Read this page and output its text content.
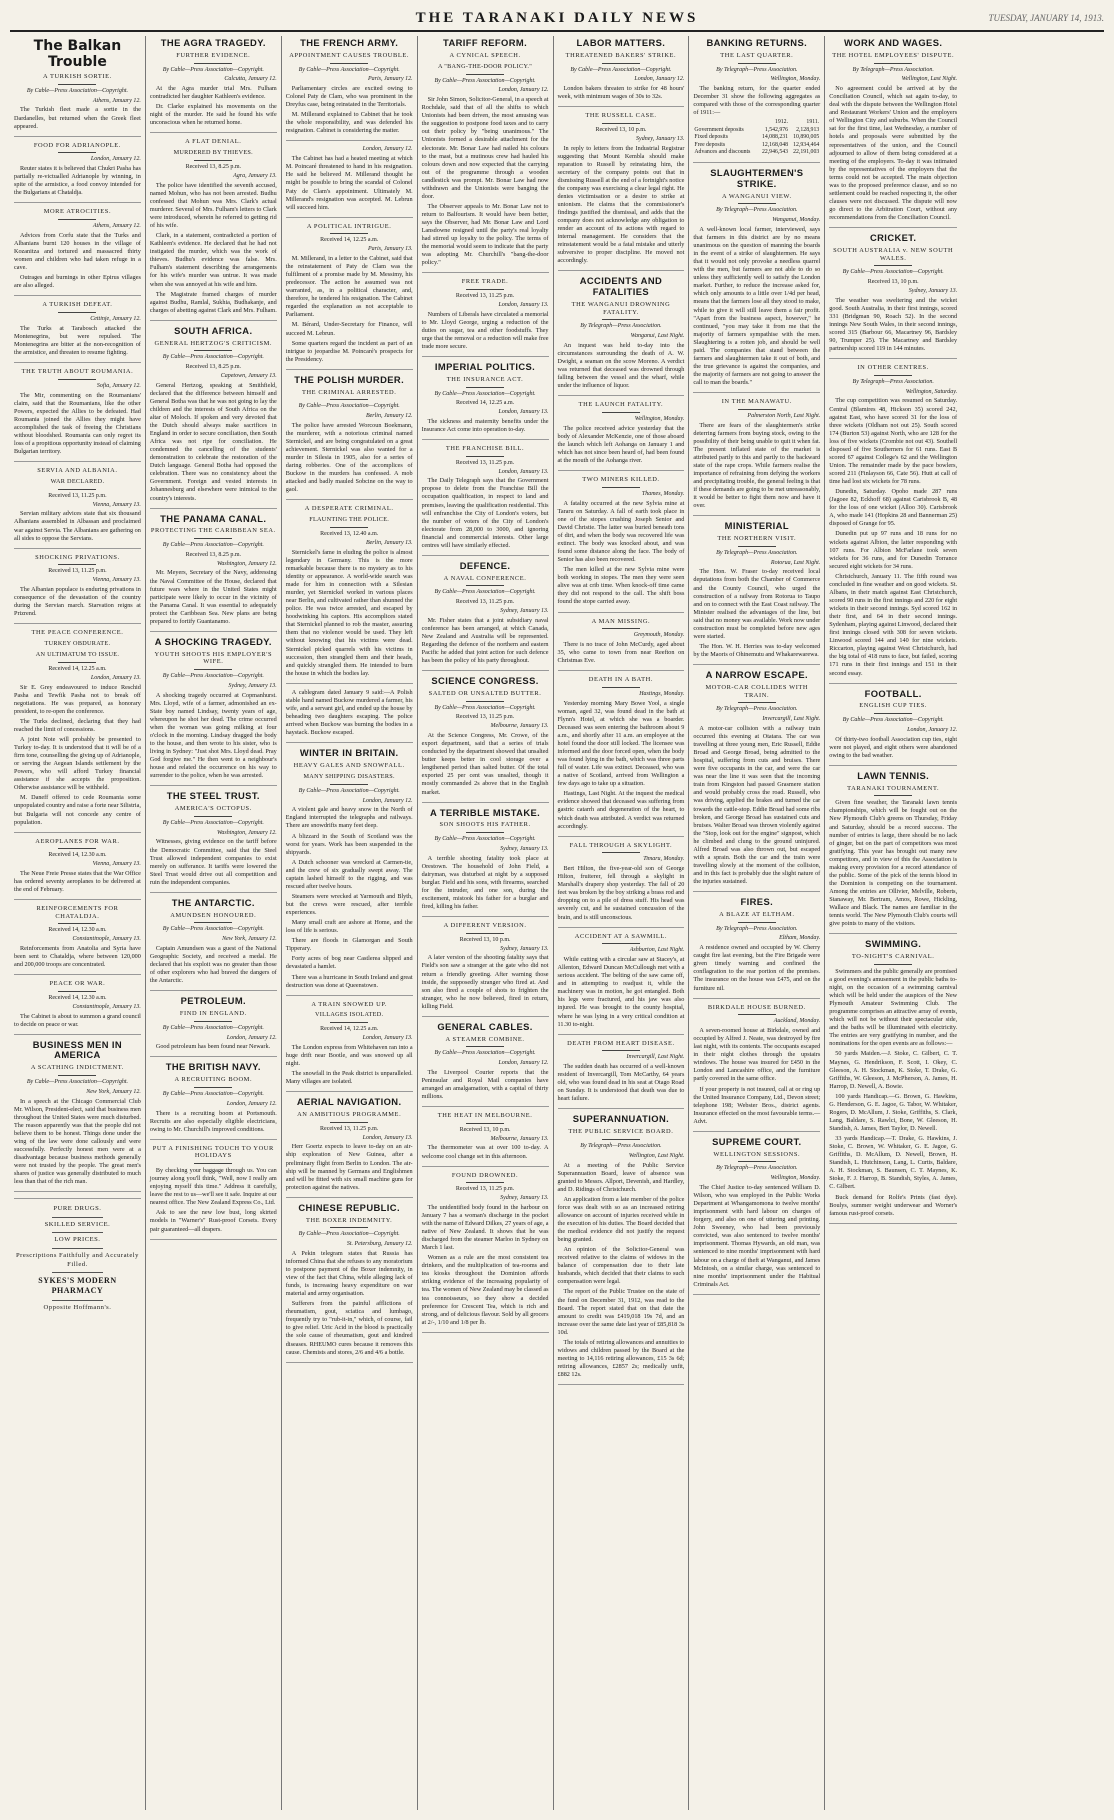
THE TARANAKI DAILY NEWS	TUESDAY, JANUARY 14, 1913.
The Balkan Trouble
A TURKISH SORTIE.
By Cable—Press Association—Copyright.
Athens, January 12.

The Turkish fleet made a sortie in the Dardanelles, but returned when the Greek fleet appeared.

FOOD FOR ADRIANOPLE.
London, January 12.

Reuter states it is believed that Chukri Pasha has partially re-victualled Adrianople by winning, in spite of the armistice, a food convoy intended for the Bulgarians at Chataldja.

MORE ATROCITIES.
Athens, January 12.

Advices from Corfu state that the Turks and Albanians burnt 120 houses in the village of Kozanitza and tortured and massacred thirty women and children who had taken refuge in a cave.

Outrages and burnings in other Epirus villages are also alleged.

A TURKISH DEFEAT.
Cettinje, January 12.

The Turks at Tarabosch attacked the Montenegrins, but were repulsed. The Montenegrins are bitter at the non-recognition of the armistice, and threaten to resume fighting.

THE TRUTH ABOUT ROUMANIA.
Sofia, January 12.

The Mir, commenting on the Roumanians' claim, said that the Roumanians, like the other Powers, expected the Allies to be defeated. Had Roumania joined the Allies they might have accomplished the task of freeing the Christians without bloodshed. Roumania can only regret its loss of a propitious opportunity instead of claiming Bulgarian territory.

SERVIA AND ALBANIA.
WAR DECLARED.
Received 13, 11.25 p.m.
Vienna, January 13.

Servian military advices state that six thousand Albanians assembled in Albassan and proclaimed war against Servia. The Albanians are gathering on all sides to oppose the Servians.

SHOCKING PRIVATIONS.
Received 13, 11.25 p.m.
Vienna, January 13.

The Albanian populace is enduring privations in consequence of the devastation of the country during the Servian march. Starvation reigns at Prizrend.

THE PEACE CONFERENCE.
TURKEY OBDURATE.
AN ULTIMATUM TO ISSUE.
Received 14, 12.25 a.m.
London, January 13.

Sir E. Grey endeavoured to induce Reschid Pasha and Tewfik Pasha not to break off negotiations. He was prepared, as honorary president, to re-open the conference.

The Turks declined, declaring that they had reached the limit of concessions.

A joint Note will probably be presented to Turkey to-day. It is understood that it will be of a firm tone, counselling the giving up of Adrianople, or serving the Aegean Islands settlement by the Powers, who will afford Turkey financial assistance if she accepts the proposition. Otherwise assistance will be withheld.

M. Daneff offered to cede Roumania some unpopulated country and raise a forte near Silistria, but Bulgaria will not concede any centre of population.

AEROPLANES FOR WAR.
Received 14, 12.30 a.m.
Vienna, January 13.

The Neue Freie Presse states that the War Office has ordered seventy aeroplanes to be delivered at the end of February.

REINFORCEMENTS FOR CHATALDJA.
Received 14, 12.30 a.m.
Constantinople, January 13.

Reinforcements from Anatolia and Syria have been sent to Chataldja, where between 120,000 and 200,000 troops are concentrated.

PEACE OR WAR.
Received 14, 12.30 a.m.
Constantinople, January 13.

The Cabinet is about to summon a grand council to decide on peace or war.

BUSINESS MEN IN AMERICA
A SCATHING INDICTMENT.
By Cable—Press Association—Copyright.
New York, January 12.

In a speech at the Chicago Commercial Club Mr. Wilson, President-elect, said that business men throughout the United States were much disturbed. The reason apparently was that the people did not believe them to be honest. Things done under the wing of the law were done callously and were successfully. Perfectly honest men were at a disadvantage because business methods generally were not trusted by the people. The great men's shares of justice was generally distributed to much less than that of the rich man.

PURE DRUGS.
SKILLED SERVICE.
LOW PRICES.
Prescriptions Faithfully and Accurately Filled.
SYKES'S MODERN PHARMACY
Opposite Hoffmann's.
THE AGRA TRAGEDY.
FURTHER EVIDENCE.
By Cable—Press Association—Copyright.
Calcutta, January 12.

At the Agra murder trial Mrs. Fulham contradicted her daughter Kathleen's evidence.

Dr. Clarke explained his movements on the night of the murder. He said he found his wife unconscious when he returned home.

A FLAT DENIAL.
MURDERED BY THIEVES.
Received 13, 8.25 p.m.
Agra, January 13.

The police have identified the seventh accused, named Mohun, who has not been arrested. Budhu confessed that Mohun was Mrs. Clark's actual murderer. Several of Mrs. Fulham's letters to Clark were introduced, wherein he referred to getting rid of his wife.

Clark, in a statement, contradicted a portion of Kathleen's evidence. He declared that he had not instigated the murder, which was the work of thieves. Budhu's evidence was false. Mrs. Fulham's statement describing the arrangements for his wife's murder was untrue. It was made when she was annoyed at his wife and him.

The Magistrate framed charges of murder against Budhu, Ramlal, Sukhia, Budhakanje, and charges of abetting against Clark and Mrs. Fulham.

SOUTH AFRICA.
GENERAL HERTZOG'S CRITICISM.
By Cable—Press Association—Copyright.
Received 13, 8.25 p.m.
Capetown, January 13.

General Hertzog, speaking at Smithfield, declared that the difference between himself and General Botha was that he was not going to lay the children and the interests of South Africa on the altar of Moloch. If spoken and very devoted that the Dutch should always make sacrifices in England in order to secure conciliation, then South Africa was not ripe for conciliation. He condemned the cancelling of the students' demonstration to celebrate the restoration of the Dutch language. General Botha had opposed the celebration. There was no consistency about the Government. Foreign and vested interests in Johannesburg and elsewhere were inimical to the country's interests.

THE PANAMA CANAL.
PROTECTING THE CARIBBEAN SEA.
By Cable—Press Association—Copyright.
Received 13, 8.25 p.m.
Washington, January 12.

Mr. Meyers, Secretary of the Navy, addressing the Naval Committee of the House, declared that future wars where in the United States might participate were likely to occur in the vicinity of the Panama Canal. It was essential to adequately protect the Caribbean Sea. New plans are being prepared to fortify Guantanamo.

A SHOCKING TRAGEDY.
YOUTH SHOOTS HIS EMPLOYER'S WIFE.
By Cable—Press Association—Copyright.
Sydney, January 13.

A shocking tragedy occurred at Copmanhurst. Mrs. Lloyd, wife of a farmer, admonished an ex-State boy named Lindsay, twenty years of age, whereupon he shot her dead. The crime occurred when the woman was going milking at four o'clock in the morning. Lindsay dragged the body to the house, and then wrote to his sister, who is living in Sydney: "Just shot Mrs. Lloyd dead. Pray God forgive me." He then went to a neighbour's house and related the occurrence on his way to surrender to the police, when he was arrested.

THE STEEL TRUST.
AMERICA'S OCTOPUS.
By Cable—Press Association—Copyright.
Washington, January 12.

Witnesses, giving evidence on the tariff before the Democratic Committee, said that the Steel Trust allowed independent companies to exist merely on sufferance. It tariffs were lowered the Steel Trust would drive out all competition and ruin the independent companies.

THE ANTARCTIC.
AMUNDSEN HONOURED.
By Cable—Press Association—Copyright.
New York, January 12.

Captain Amundsen was a guest of the National Geographic Society, and received a medal. He declared that his exploit was no greater than those of other explorers who had braved the dangers of the Antarctic.

PETROLEUM.
FIND IN ENGLAND.
By Cable—Press Association—Copyright.
London, January 12.

Good petroleum has been found near Newark.

THE BRITISH NAVY.
A RECRUITING BOOM.
By Cable—Press Association—Copyright.
London, January 12.

There is a recruiting boom at Portsmouth. Recruits are also especially eligible electricians, owing to Mr. Churchill's improved conditions.

PUT A FINISHING TOUCH TO YOUR HOLIDAYS

By checking your baggage through us. You can journey along you'll think, "Well, now I really am enjoying myself this time." Address it carefully, leave the rest to us—we'll see it safe. Inquire at our nearest office. The New Zealand Express Co., Ltd.

Ask to see the new low bust, long skirted models in "Warner's" Rust-proof Corsets. Every pair guaranteed—all drapers.

THE FRENCH ARMY.
APPOINTMENT CAUSES TROUBLE.
By Cable—Press Association—Copyright.
Paris, January 12.

Parliamentary circles are excited owing to Colonel Paty de Clam, who was prominent in the Dreyfus case, being reinstated in the Territorials.

M. Millerand explained to Cabinet that he took the whole responsibility, and was defended his resignation. Cabinet is considering the matter.

London, January 12.

The Cabinet has had a heated meeting at which M. Poincaré threatened to hand in his resignation. He said he believed M. Millerand thought he might be possible to bring the scandal of Colonel Paty de Clam's appointment. Ultimately M. Millerand's resignation was accepted. M. Lebrun will succeed him.

A POLITICAL INTRIGUE.
Received 14, 12.25 a.m.
Paris, January 13.

M. Millerand, in a letter to the Cabinet, said that the reinstatement of Paty de Clam was the fulfilment of a promise made by M. Messimy, his predecessor. The action he assumed was not warranted, as, in a political character, and, therefore, he tendered his resignation. The Cabinet regarded the explanation as not acceptable to Parliament.

M. Bérard, Under-Secretary for Finance, will succeed M. Lebrun.

Some quarters regard the incident as part of an intrigue to jeopardise M. Poincaré's prospects for the Presidency.

THE POLISH MURDER.
THE CRIMINAL ARRESTED.
By Cable—Press Association—Copyright.
Berlin, January 12.

The police have arrested Worcoun Boekmann, the murderer, with a notorious criminal named Sternickel, and are being congratulated on a great achievement. Sternickel was also wanted for a murder in Silesia in 1905, also for a series of daring robberies. One of the accomplices of Buckow in the murders has confessed. A mob attacked and badly mauled Sobcine on the way to gaol.

A DESPERATE CRIMINAL.
FLAUNTING THE POLICE.
Received 13, 12.40 a.m.
Berlin, January 13.

Sternickel's fame in eluding the police is almost legendary in Germany. This is the more remarkable because there is no mystery as to his identity or appearance. A world-wide search was made for him in connection with a Silesian murder, yet Sternickel worked in various places near Berlin, and cultivated rather than shunned the police. He was twice arrested, and escaped by hoodwinking his captors. His accomplices stated that Sternickel planned to rob the master, assuring them that no violence would be used. They left without knowing that his victims were dead. Sternickel picked quarrels with his victims in succession, then strangled them and their heads, and quickly strangled them. He intended to burn the house in which the bodies lay.

A cablegram dated January 9 said:—A Polish stable hand named Buckow murdered a farmer, his wife, and a servant girl, and ended up the house by beheading two daughters escaping. The police arrived when Buckow was burning the bodies in a haystack. Buckow escaped.

WINTER IN BRITAIN.
HEAVY GALES AND SNOWFALL.
MANY SHIPPING DISASTERS.
By Cable—Press Association—Copyright.
London, January 12.

A violent gale and heavy snow in the North of England interrupted the telegraphs and railways. There are snowdrifts many feet deep.

A blizzard in the South of Scotland was the worst for years. Work has been suspended in the shipyards.

A Dutch schooner was wrecked at Carmen-tie, and the crew of six gradually swept away. The captain lashed himself to the rigging, and was rescued after twelve hours.

Steamers were wrecked at Yarmouth and Blyth, but the crews were rescued, after terrible experiences.

Many small craft are ashore at Home, and the loss of life is serious.

There are floods in Glamorgan and South Tipperary.

Forty acres of bog near Castlerea slipped and devastated a hamlet.

There was a hurricane in South Ireland and great destruction was done at Queenstown.

A TRAIN SNOWED UP.
VILLAGES ISOLATED.
Received 14, 12.25 a.m.
London, January 13.

The London express from Whitehaven ran into a huge drift near Bootle, and was snowed up all night.

The snowfall in the Peak district is unparalleled. Many villages are isolated.

AERIAL NAVIGATION.
AN AMBITIOUS PROGRAMME.
Received 13, 11.25 p.m.
London, January 13.

Herr Goertz expects to leave to-day on an air-ship exploration of New Guinea, after a preliminary flight from Berlin to London. The air-ship will be manned by Germans and Englishmen and will be fitted with six small machine guns for protection against the natives.

CHINESE REPUBLIC.
THE BOXER INDEMNITY.
By Cable—Press Association—Copyright.
St. Petersburg, January 12.

A Pekin telegram states that Russia has informed China that she refuses to any moratorium to postpone payment of the Boxer indemnity, in view of the fact that China, while alleging lack of funds, is increasing heavy expenditure on war material and army organisation.

Sufferers from the painful afflictions of rheumatism, gout, sciatica and lumbago, frequently try to "rub-it-in," which, of course, fail to give relief. Uric Acid in the blood is practically the sole cause of rheumatism, gout and kindred diseases. RHEUMO cures because it removes this cause. Chemists and stores, 2/6 and 4/6 a bottle.

TARIFF REFORM.
A CYNICAL SPEECH.
A "BANG-THE-DOOR POLICY."
By Cable—Press Association—Copyright.
London, January 12.

Sir John Simon, Solicitor-General, in a speech at Rochdale, said that of all the shifts to which Unionists had been driven, the most amusing was the suggestion to postpone food taxes and to carry out their policy by "being unanimous." The Unionists formed a desirable attachment for the electorate. Mr. Bonar Law had nailed his colours to the mast, but a mutinous crew had hauled his colours down and now expected that the carrying out of the programme through a wooden candlestick was prompt. Mr. Bonar Law had now withdrawn and the Unionists were banging the door.

The Observer appeals to Mr. Bonar Law not to return to Balfourism. It would have been better, says the Observer, had Mr. Bonar Law and Lord Lansdowne resigned until the party's real loyalty had stirred up loyalty to the policy. The terms of the memorial would seem to indicate that the party was adopting Mr. Churchill's "bang-the-door policy."

FREE TRADE.
Received 13, 11.25 p.m.
London, January 13.

Numbers of Liberals have circulated a memorial to Mr. Lloyd George, urging a reduction of the duties on sugar, tea and other foodstuffs. They urge that the removal or a reduction will make free trade more secure.

IMPERIAL POLITICS.
THE INSURANCE ACT.
By Cable—Press Association—Copyright.
Received 14, 12.25 a.m.
London, January 13.

The sickness and maternity benefits under the Insurance Act come into operation to-day.

THE FRANCHISE BILL.
Received 13, 11.25 p.m.
London, January 13.

The Daily Telegraph says that the Government propose to delete from the Franchise Bill the occupation qualification, in respect to land and premises, leaving the qualification residential. This will enfranchise the City of London's voters, but the number of voters of the City of London's electorate from 28,000 to 3000, and ignoring financial and commercial interests. Other large centres will have similarly effected.

DEFENCE.
A NAVAL CONFERENCE.
By Cable—Press Association—Copyright.
Received 13, 11.25 p.m.
Sydney, January 13.

Mr. Fisher states that a joint subsidiary naval conference has been arranged, at which Canada, New Zealand and Australia will be represented. Regarding the defence of the northern and eastern Pacific he added that joint action for such defence has been the policy of his party throughout.

SCIENCE CONGRESS.
SALTED OR UNSALTED BUTTER.
By Cable—Press Association—Copyright.
Received 13, 11.25 p.m.
Melbourne, January 13.

At the Science Congress, Mr. Crowe, of the export department, said that a series of trials conducted by the department showed that unsalted butter keeps better in cool storage over a lengthened period than salted butter. Of the total exported 25 per cent was unsalted, though it mostly commanded 2s above that in the English market.

A TERRIBLE MISTAKE.
SON SHOOTS HIS FATHER.
By Cable—Press Association—Copyright.
Sydney, January 13.

A terrible shooting fatality took place at Orestown. The household of John Field, a dairyman, was disturbed at night by a supposed burglar. Field and his sons, with firearms, searched for the intruder, and one son, during the excitement, mistook his father for a burglar and fired, killing his father.

A DIFFERENT VERSION.
Received 13, 10 p.m.
Sydney, January 13.

A later version of the shooting fatality says that Field's son saw a stranger at the gate who did not return a friendly greeting. After warning those inside, the supposedly stranger who fired at. And son also fired a couple of shots to frighten the stranger, who he now believed, fired in return, killing Field.

GENERAL CABLES.
A STEAMER COMBINE.
By Cable—Press Association—Copyright.
London, January 12.

The Liverpool Courier reports that the Peninsular and Royal Mail companies have arranged an amalgamation, with a capital of thirty millions.

THE HEAT IN MELBOURNE.
Received 13, 10 p.m.
Melbourne, January 13.

The thermometer was at over 100 to-day. A welcome cool change set in this afternoon.

FOUND DROWNED.
Received 13, 11.25 p.m.
Sydney, January 13.

The unidentified body found in the harbour on January 7 has a woman's discharge in the pocket with the name of Edward Dilkes, 27 years of age, a native of New Zealand. It shows that he was discharged from the steamer Marloo in Sydney on March 1 last.

Women as a rule are the most consistent tea drinkers, and the multiplication of tea-rooms and tea kiosks throughout the Dominion affords striking evidence of the increasing popularity of tea. The women of New Zealand may be classed as tea connoisseurs, so they show a decided preference for Crescent Tea, which is rich and strong, and of delicious flavour. Sold by all grocers at 2/-, 1/10 and 1/8 per lb.

LABOR MATTERS.
THREATENED BAKERS' STRIKE.
By Cable—Press Association—Copyright.
London, January 12.

London bakers threaten to strike for 48 hours' week, with minimum wages of 30s to 32s.

THE RUSSELL CASE.
Received 13, 10 p.m.
Sydney, January 13.

In reply to letters from the Industrial Registrar suggesting that Mount Kembla should make reparation to Russell by reinstating him, the secretary of the company points out that in dismissing Russell at the end of a fortnight's notice the company was exercising a clear legal right. He denies victimisation or a desire to strike at unionism. He claims that the commissioner's findings justified the dismissal, and adds that the company does not acknowledge any obligation to render an account of its actions with regard to internal management. He considers that the reinstatement would be a fatal mistake and utterly subversive to proper discipline. He moved not accordingly.

ACCIDENTS AND FATALITIES
THE WANGANUI DROWNING FATALITY.
By Telegraph—Press Association.
Wanganui, Last Night.

An inquest was held to-day into the circumstances surrounding the death of A. W. Dwight, a seaman on the scow Moreno. A verdict was returned that deceased was drowned through falling between the vessel and the wharf, while under the influence of liquor.

THE LAUNCH FATALITY.
Wellington, Monday.

The police received advice yesterday that the body of Alexander McKenzie, one of those aboard the launch which left Aohanga on January 1 and which has not since been heard of, had been found at the mouth of the Aohanga river.

TWO MINERS KILLED.
Thames, Monday.

A fatality occurred at the new Sylvia mine at Tararu on Saturday. A fall of earth took place in one of the stopes crushing Joseph Senior and David Christie. The latter was buried beneath tons of dirt, and when the body was recovered life was extinct. The body was knocked about, and was found some distance along the face. The body of Senior has also been recovered.

The men killed at the new Sylvia mine were both working in stopes. The men they were seen alive was at crib time. When knock-off time came they did not respond to the call. The shift boss found the stope carried away.

A MAN MISSING.
Greymouth, Monday.

There is no trace of John McCurdy, aged about 35, who came to town from near Reefton on Christmas Eve.

DEATH IN A BATH.
Hastings, Monday.

Yesterday morning Mary Bowe Yool, a single woman, aged 32, was found dead in the bath at Flynn's Hotel, at which she was a boarder. Deceased was seen entering the bathroom about 9 a.m., and shortly after 11 a.m. an employee at the hotel found the door still locked. The licensee was informed and the door forced open, when the body was found lying in the bath, which was three parts full of water. Life was extinct. Deceased, who was a native of Scotland, arrived from Wellington a few days ago to take up a situation.

Hastings, Last Night. At the inquest the medical evidence showed that deceased was suffering from gastric catarrh and degeneration of the heart, to which death was attributed. A verdict was returned accordingly.

FALL THROUGH A SKYLIGHT.
Timaru, Monday.

Bert Hilton, the five-year-old son of George Hilton, fruiterer, fell through a skylight in Marshall's drapery shop yesterday. The fall of 20 feet was broken by the boy striking a brass rod and dropping on to a pile of dress stuff. His head was severely cut, and he sustained concussion of the brain, and is still unconscious.

ACCIDENT AT A SAWMILL.
Ashburton, Last Night.

While cutting with a circular saw at Stacey's, at Allenton, Edward Duncan McCullough met with a serious accident. The belting of the saw came off, and in attempting to readjust it, while the machinery was in motion, he got entangled. Both his legs were fractured, and his jaw was also injured. He was brought to the county hospital, where he was lying in a very critical condition at 11.30 to-night.

DEATH FROM HEART DISEASE.
Invercargill, Last Night.

The sudden death has occurred of a well-known resident of Invercargill, Tom McCarthy, 64 years old, who was found dead in his seat at Otago Road on Sunday. It is understood that death was due to heart failure.

SUPERANNUATION.
THE PUBLIC SERVICE BOARD.
By Telegraph—Press Association.
Wellington, Last Night.

At a meeting of the Public Service Superannuation Board, leave of absence was granted to Messrs. Allport, Devenish, and Hardley, and D. Ridings of Christchurch.

An application from a late member of the police force was dealt with so as an increased retiring allowance on account of injuries received while in the execution of his duties. The Board decided that the medical evidence did not justify the request being granted.

An opinion of the Solicitor-General was received relative to the claims of widows in the balance of compensation due to their late husbands, which decided that their claims to such compensation were legal.

The report of the Public Trustee on the state of the fund on December 31, 1912, was read to the Board. The report stated that on that date the amount to credit was £419,018 19s 7d, and an increase over the same date last year of £85,818 3s 10d.

The totals of retiring allowances and annuities to widows and children passed by the Board at the meeting to 14,116 retiring allowances, £15 3s 6d; retiring allowances, £2857 2s; medically unfit, £882 12s.

BANKING RETURNS.
THE LAST QUARTER.
By Telegraph—Press Association.
Wellington, Monday.

The banking return, for the quarter ended December 31 show the following aggregates as compared with those of the corresponding quarter of 1911:—

	1912.	1911.
Government deposits	1,542,976	2,128,913
Fixed deposits	14,088,231	10,890,005
Free deposits	12,168,048	12,934,464
Advances and discounts	22,946,543	22,191,003
SLAUGHTERMEN'S STRIKE.
A WANGANUI VIEW.
By Telegraph—Press Association.
Wanganui, Monday.

A well-known local farmer, interviewed, says that farmers in this district are by no means unanimous on the question of manning the boards in the event of a strike of slaughtermen. He says that it would not only provoke a needless quarrel with the men, but farmers are not able to do so unless they sufficiently well to satisfy the London market. Further, to reduce the increase asked for, which only amounts to a little over 1/4d per head, means that the farmers lose all they stood to make, while to give it will still leave them a fair profit. "Apart from the business aspect, however," he continued, "you may take it from me that the majority of farmers sympathise with the men. Slaughtering is a rotten job, and should be well paid. The companies that stand between the farmers and slaughtermen take it out of both, and the true grievance is against the companies, and the majority of farmers are not going to answer the call to man the boards."

IN THE MANAWATU.
Palmerston North, Last Night.

There are fears of the slaughtermen's strike deterring farmers from buying stock, owing to the possibility of their being unable to quit it when fat. The present inflated state of the market is attributed partly to this and partly to the backward state of the rape crops. While farmers realise the importance of refraining from defying the workers and precipitating trouble, the general feeling is that if these demands are going to be met unreasonably, it would be better to fight them now and have it over.

MINISTERIAL
THE NORTHERN VISIT.
By Telegraph—Press Association.
Rotorua, Last Night.

The Hon. W. Fraser to-day received local deputations from both the Chamber of Commerce and the County Council, who urged the construction of a railway from Rotorua to Taupo and on to connect with the East Coast railway. The Minister realised the advantages of the line, but said that no money was available. Work now under construction must be completed before new ages were started.

The Hon. W. H. Herries was to-day welcomed by the Maoris of Ohinemutu and Whakarewarewa.

A NARROW ESCAPE.
MOTOR-CAR COLLIDES WITH TRAIN.
By Telegraph—Press Association.
Invercargill, Last Night.

A motor-car collision with a railway train occurred this evening at Otatara. The car was travelling at three young men, Eric Russell, Eddie Broad and George Broad, being admitted to the hospital, suffering from cuts and bruises. There were five occupants in the car, and were the car was near the line it was seen that the incoming train from Kingston had passed Grasmere station and would probably cross the road. Russell, who was driving, applied the brakes and turned the car towards the cattle-stop. Eddie Broad had some ribs broken, and George Broad has sustained cuts and bruises. Walter Broad was thrown violently against the "Stop, look out for the engine" signpost, which he climbed and clung to the ground uninjured. Alfred Broad was also thrown out, but escaped with a sprain. Both the car and the train were travelling slowly at the moment of the collision, and in this fact is probably due the slight nature of the injuries sustained.

FIRES.
A BLAZE AT ELTHAM.
By Telegraph—Press Association.
Eltham, Monday.

A residence owned and occupied by W. Cherry caught fire last evening, but the Fire Brigade were given timely warning and confined the conflagration to the rear portion of the premises. The insurance on the house was £475, and on the furniture nil.

BIRKDALE HOUSE BURNED.
Auckland, Monday.

A seven-roomed house at Birkdale, owned and occupied by Alfred J. Neate, was destroyed by fire last night, with its contents. The occupants escaped in their night clothes through the upstairs windows. The house was insured for £450 in the London and Lancashire office, and the furniture partly covered in the same office.

If your property is not insured, call at or ring up the United Insurance Company, Ltd., Devon street; telephone 198; Webster Bros., district agents. Insurance effected on the most favourable terms.—Advt.

SUPREME COURT.
WELLINGTON SESSIONS.
By Telegraph—Press Association.
Wellington, Monday.

The Chief Justice to-day sentenced William D. Wilson, who was employed in the Public Works Department at Whangamomona to twelve months' imprisonment with hard labour on charges of forgery, and also on one of uttering and printing. John Sweeney, who had been previously convicted, was also sentenced to twelve months' imprisonment. Thomas Hywards, an old man, was sentenced to nine months' imprisonment with hard labour on a charge of theft at Wanganui, and James McIntosh, on a similar charge, was sentenced to nine months' imprisonment under the Habitual Criminals Act.

WORK AND WAGES.
THE HOTEL EMPLOYEES' DISPUTE.
By Telegraph—Press Association.
Wellington, Last Night.

No agreement could be arrived at by the Conciliation Council, which sat again to-day, to deal with the dispute between the Wellington Hotel and Restaurant Workers' Union and the employers of Wellington City and suburbs. When the Council sat for the first time, last Wednesday, a number of hotels and proposals were submitted by the representatives of the union, and the Council adjourned to allow of them being considered at a meeting of the employers. To-day it was intimated by the representatives of the employers that the terms could not be accepted. The main objection was to the proposed preference clause, and so no settlement could be reached respecting it, the other clauses were not discussed. The dispute will now go direct to the Arbitration Court, without any recommendations from the Conciliation Council.

CRICKET.
SOUTH AUSTRALIA v. NEW SOUTH WALES.
By Cable—Press Association—Copyright.
Received 13, 10 p.m.
Sydney, January 13.

The weather was sweltering and the wicket good. South Australia, in their first innings, scored 331 (Bridgman 90, Roach 52). In the second innings New South Wales, in their second innings, scored 315 (Barbour 66, Macartney 96, Bardsley 90, Trumper 25). The Macartney and Bardsley partnership scored 119 in 144 minutes.

IN OTHER CENTRES.
By Telegraph—Press Association.
Wellington, Saturday.

The cup competition was resumed on Saturday. Central (Blamires 48, Hickson 35) scored 242, against East, who have scored 31 for the loss of three wickets (Oldham not out 25). South scored 174 (Burton 53) against North, who are 128 for the loss of five wickets (Crombie not out 43). Southell disposed of five Southerners for 61 runs. East B scored 67 against College's 62 and the Wellington Union. The remainder made by the pace bowlers, scored 211 (Finlayson 66, Cate 56). Hutt at call of time had lost six wickets for 78 runs.

Dunedin, Saturday. Opoho made 287 runs (Jagoee 82, Eckhoff 68) against Carisbrook B, 48 for the loss of one wicket (Alloo 30). Carisbrook A, who made 141 (Hopkins 28 and Bannerman 25) disposed of Grange for 95.

Dunedin put up 97 runs and 18 runs for no wickets against Albion, the latter responding with 107 runs. For Albion McFarlane took seven wickets for 36 runs, and for Dunedin Torrance secured eight wickets for 34 runs.

Christchurch, January 11. The fifth round was concluded in fine weather and on good wickets. St. Albans, in their match against East Christchurch, scored 90 runs in the first innings and 220 for eight wickets in their second innings. Syd scored 162 in their first, and 64 in their second innings. Sydenham, playing against Linwood, declared their first innings closed with 308 for seven wickets. Linwood scored 144 and 140 for nine wickets. Riccarton, playing against West Christchurch, had the big total of 418 runs to face, but failed, scoring 171 runs in their first innings and 151 in their second essay.

FOOTBALL.
ENGLISH CUP TIES.
By Cable—Press Association—Copyright.
London, January 12.

Of thirty-two football Association cup ties, eight were not played, and eight others were abandoned owing to the bad weather.

LAWN TENNIS.
TARANAKI TOURNAMENT.

Given fine weather, the Taranaki lawn tennis championships, which will be fought out on the New Plymouth Club's greens on Thursday, Friday and Saturday, should be a record success. The number of entries is large, there should be no lack of ginger, but on the part of competitors was most gratifying. This year has brought out many new competitors, and in view of this the Association is making every provision for a record attendance of the public. Some of the pick of the tennis blood in the Dominion is competing on the tournament. Among the entries are Ollivier, Melville, Roberts, Stanaway, Mr. Bertram, Amos, Rowe, Hickling, Wallace and Black. The names are familiar in the tennis world. The New Plymouth Club's courts will give points to many of the visitors.

SWIMMING.
TO-NIGHT'S CARNIVAL.

Swimmers and the public generally are promised a good evening's amusement in the public baths to-night, on the occasion of a swimming carnival which will be held under the auspices of the New Plymouth Amateur Swimming Club. The programme comprises an attractive array of events, which will not be without their spectacular side, and the baths will be illuminated with electricity. The entries are very gratifying in number, and the nominations for the open events are as follows:—

50 yards Maiden.—J. Stoke, C. Gilbert, C. T. Maynes, G. Hendrikson, F. Scott, I. Okey, C. Gleeson, A. H. Stockman, K. Stoke, T. Drake, G. Griffiths, W. Gleeson, J. McPherson, A. James, H. Harrop, D. Newell, A. Bowie.

100 yards Handicap.—G. Brown, G. Hawkins, G. Henderson, G. E. Jagoe, G. Tabor, W. Whitaker, Rogers, D. McAllum, J. Stoke, Griffiths, S. Clark, Lang, Baldare, S. Rawlci, Bone, W. Gleeson, H. Standish, A. James, Bert Taylor, D. Newell.

33 yards Handicap.—T. Drake, G. Hawkins, J. Stoke, C. Brown, W. Whitaker, G. E. Jagoe, G. Griffiths, D. McAllum, D. Newell, Brown, H. Standish, L. Hutchinson, Lang, L. Curtis, Baldare, A. H. Stockman, S. Baunsen, C. T. Maynes, K. Stoke, F. J. Harrop, B. Standish, Styles, A. James, C. Gilbert.

Buck demand for Rolfe's Prints (fast dye). Boulys, summer weight underwear and Worner's famous rust-proof corsets.
